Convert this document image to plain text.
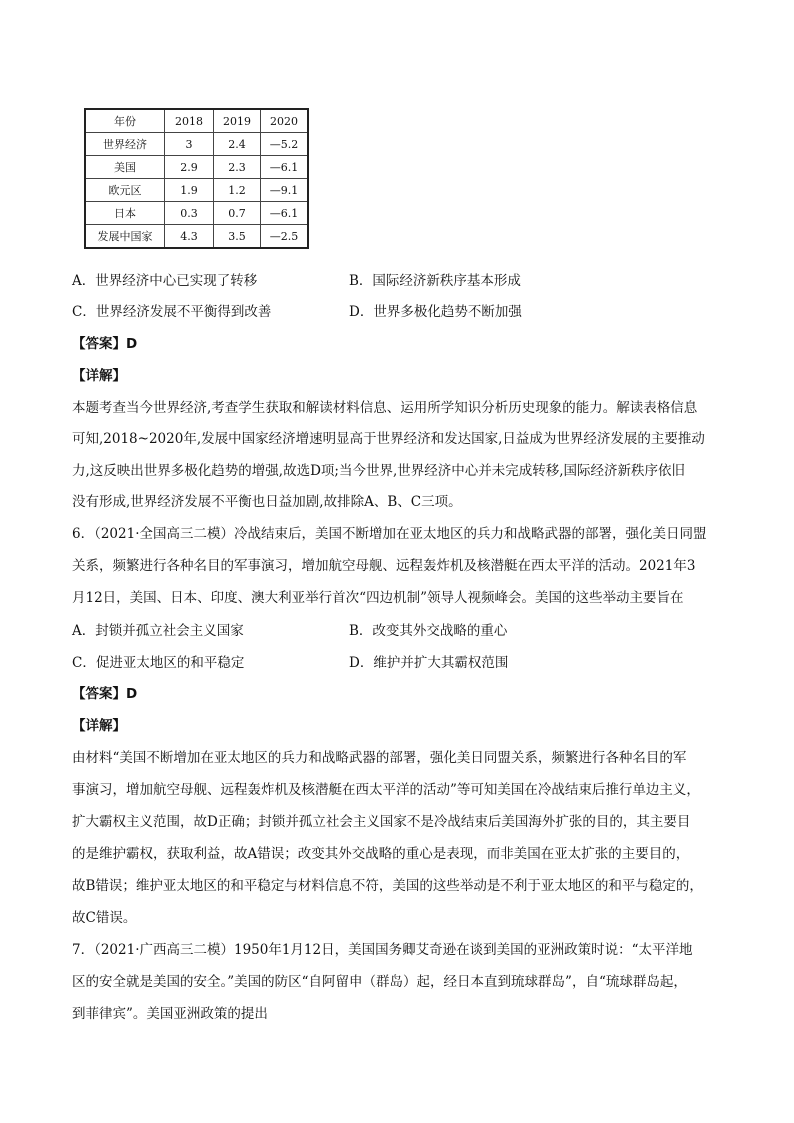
年份	2018	2019	2020
世界经济	3	2.4	—5.2
美国	2.9	2.3	—6.1
欧元区	1.9	1.2	—9.1
日本	0.3	0.7	—6.1
发展中国家	4.3	3.5	—2.5
A．世界经济中心已实现了转移	B．国际经济新秩序基本形成
C．世界经济发展不平衡得到改善	D．世界多极化趋势不断加强
【答案】D
【详解】
本题考查当今世界经济,考查学生获取和解读材料信息、运用所学知识分析历史现象的能力。解读表格信息
可知,2018~2020年,发展中国家经济增速明显高于世界经济和发达国家,日益成为世界经济发展的主要推动
力,这反映出世界多极化趋势的增强,故选D项;当今世界,世界经济中心并未完成转移,国际经济新秩序依旧
没有形成,世界经济发展不平衡也日益加剧,故排除A、B、C三项。
6．（2021·全国高三二模）冷战结束后，美国不断增加在亚太地区的兵力和战略武器的部署，强化美日同盟
关系，频繁进行各种名目的军事演习，增加航空母舰、远程轰炸机及核潜艇在西太平洋的活动。2021年3
月12日，美国、日本、印度、澳大利亚举行首次“四边机制”领导人视频峰会。美国的这些举动主要旨在
A．封锁并孤立社会主义国家	B．改变其外交战略的重心
C．促进亚太地区的和平稳定	D．维护并扩大其霸权范围
【答案】D
【详解】
由材料“美国不断增加在亚太地区的兵力和战略武器的部署，强化美日同盟关系，频繁进行各种名目的军
事演习，增加航空母舰、远程轰炸机及核潜艇在西太平洋的活动”等可知美国在冷战结束后推行单边主义，
扩大霸权主义范围，故D正确；封锁并孤立社会主义国家不是冷战结束后美国海外扩张的目的，其主要目
的是维护霸权，获取利益，故A错误；改变其外交战略的重心是表现，而非美国在亚太扩张的主要目的，
故B错误；维护亚太地区的和平稳定与材料信息不符，美国的这些举动是不利于亚太地区的和平与稳定的，
故C错误。
7．（2021·广西高三二模）1950年1月12日，美国国务卿艾奇逊在谈到美国的亚洲政策时说：“太平洋地
区的安全就是美国的安全。”美国的防区“自阿留申（群岛）起，经日本直到琉球群岛”，自“琉球群岛起，
到菲律宾”。美国亚洲政策的提出
